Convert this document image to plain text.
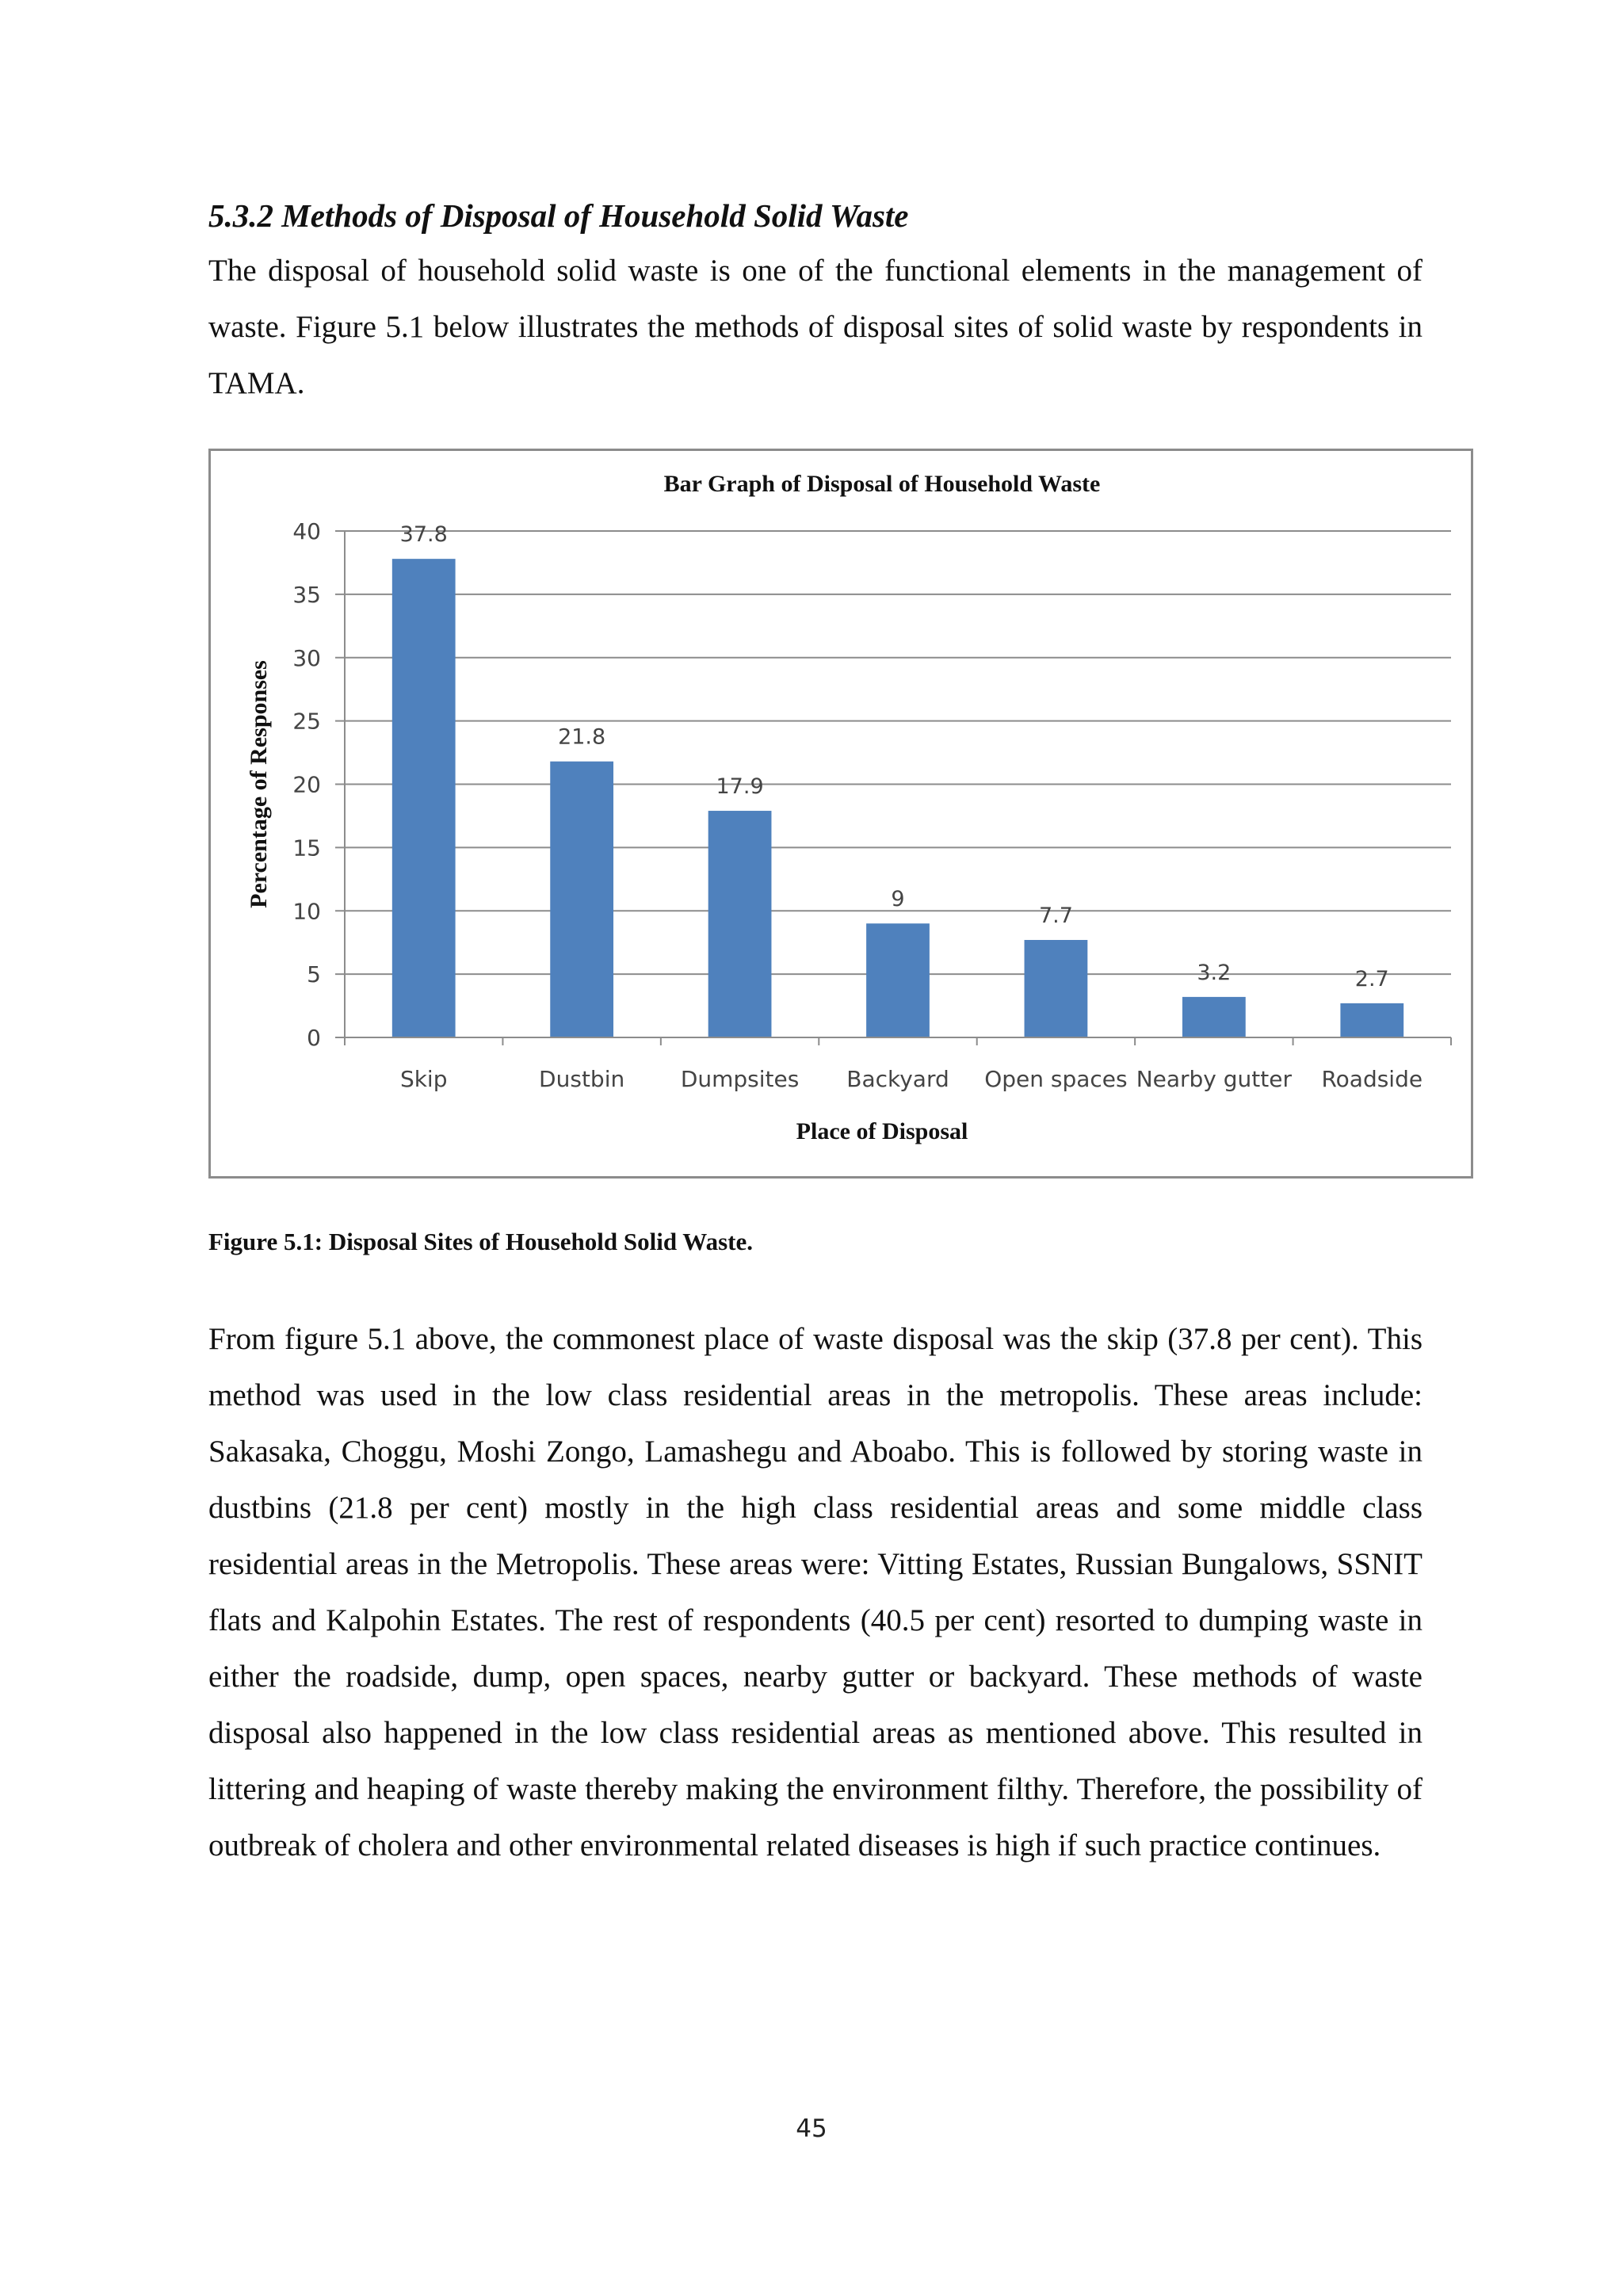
5.3.2 Methods of Disposal of Household Solid Waste

The disposal of household solid waste is one of the functional elements in the management of waste. Figure 5.1 below illustrates the methods of disposal sites of solid waste by respondents in TAMA.

Bar Graph of Disposal of Household Waste
0
5
10
15
20
25
30
35
40	37.8
Skip
21.8
Dustbin
17.9
Dumpsites
9
Backyard
7.7
Open spaces
3.2
Nearby gutter
2.7
Roadside
Place of Disposal
Percentage of Responses

Figure 5.1: Disposal Sites of Household Solid Waste.

From figure 5.1 above, the commonest place of waste disposal was the skip (37.8 per cent). This method was used in the low class residential areas in the metropolis. These areas include: Sakasaka, Choggu, Moshi Zongo, Lamashegu and Aboabo. This is followed by storing waste in dustbins (21.8 per cent) mostly in the high class residential areas and some middle class residential areas in the Metropolis. These areas were: Vitting Estates, Russian Bungalows, SSNIT flats and Kalpohin Estates. The rest of respondents (40.5 per cent) resorted to dumping waste in either the roadside, dump, open spaces, nearby gutter or backyard. These methods of waste disposal also happened in the low class residential areas as mentioned above. This resulted in littering and heaping of waste thereby making the environment filthy. Therefore, the possibility of outbreak of cholera and other environmental related diseases is high if such practice continues.

45
